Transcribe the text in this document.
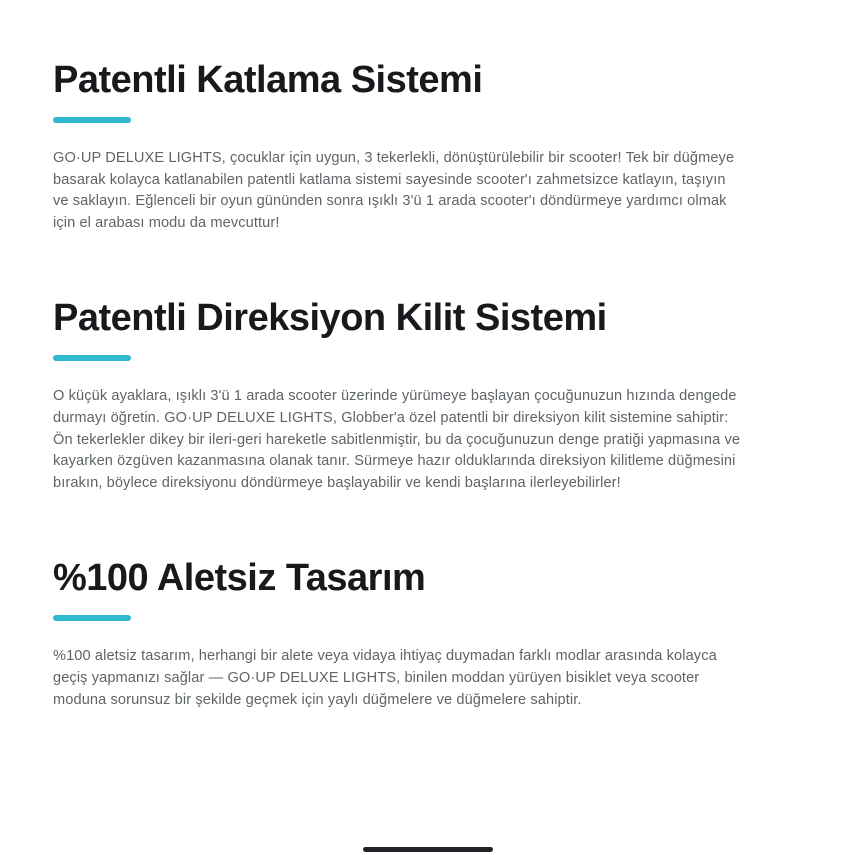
Patentli Katlama Sistemi

GO·UP DELUXE LIGHTS, çocuklar için uygun, 3 tekerlekli, dönüştürülebilir bir scooter! Tek bir düğmeye basarak kolayca katlanabilen patentli katlama sistemi sayesinde scooter'ı zahmetsizce katlayın, taşıyın ve saklayın. Eğlenceli bir oyun gününden sonra ışıklı 3'ü 1 arada scooter'ı döndürmeye yardımcı olmak için el arabası modu da mevcuttur!

Patentli Direksiyon Kilit Sistemi

O küçük ayaklara, ışıklı 3'ü 1 arada scooter üzerinde yürümeye başlayan çocuğunuzun hızında dengede durmayı öğretin. GO·UP DELUXE LIGHTS, Globber'a özel patentli bir direksiyon kilit sistemine sahiptir: Ön tekerlekler dikey bir ileri-geri hareketle sabitlenmiştir, bu da çocuğunuzun denge pratiği yapmasına ve kayarken özgüven kazanmasına olanak tanır. Sürmeye hazır olduklarında direksiyon kilitleme düğmesini bırakın, böylece direksiyonu döndürmeye başlayabilir ve kendi başlarına ilerleyebilirler!

%100 Aletsiz Tasarım

%100 aletsiz tasarım, herhangi bir alete veya vidaya ihtiyaç duymadan farklı modlar arasında kolayca geçiş yapmanızı sağlar — GO·UP DELUXE LIGHTS, binilen moddan yürüyen bisiklet veya scooter moduna sorunsuz bir şekilde geçmek için yaylı düğmelere ve düğmelere sahiptir.
